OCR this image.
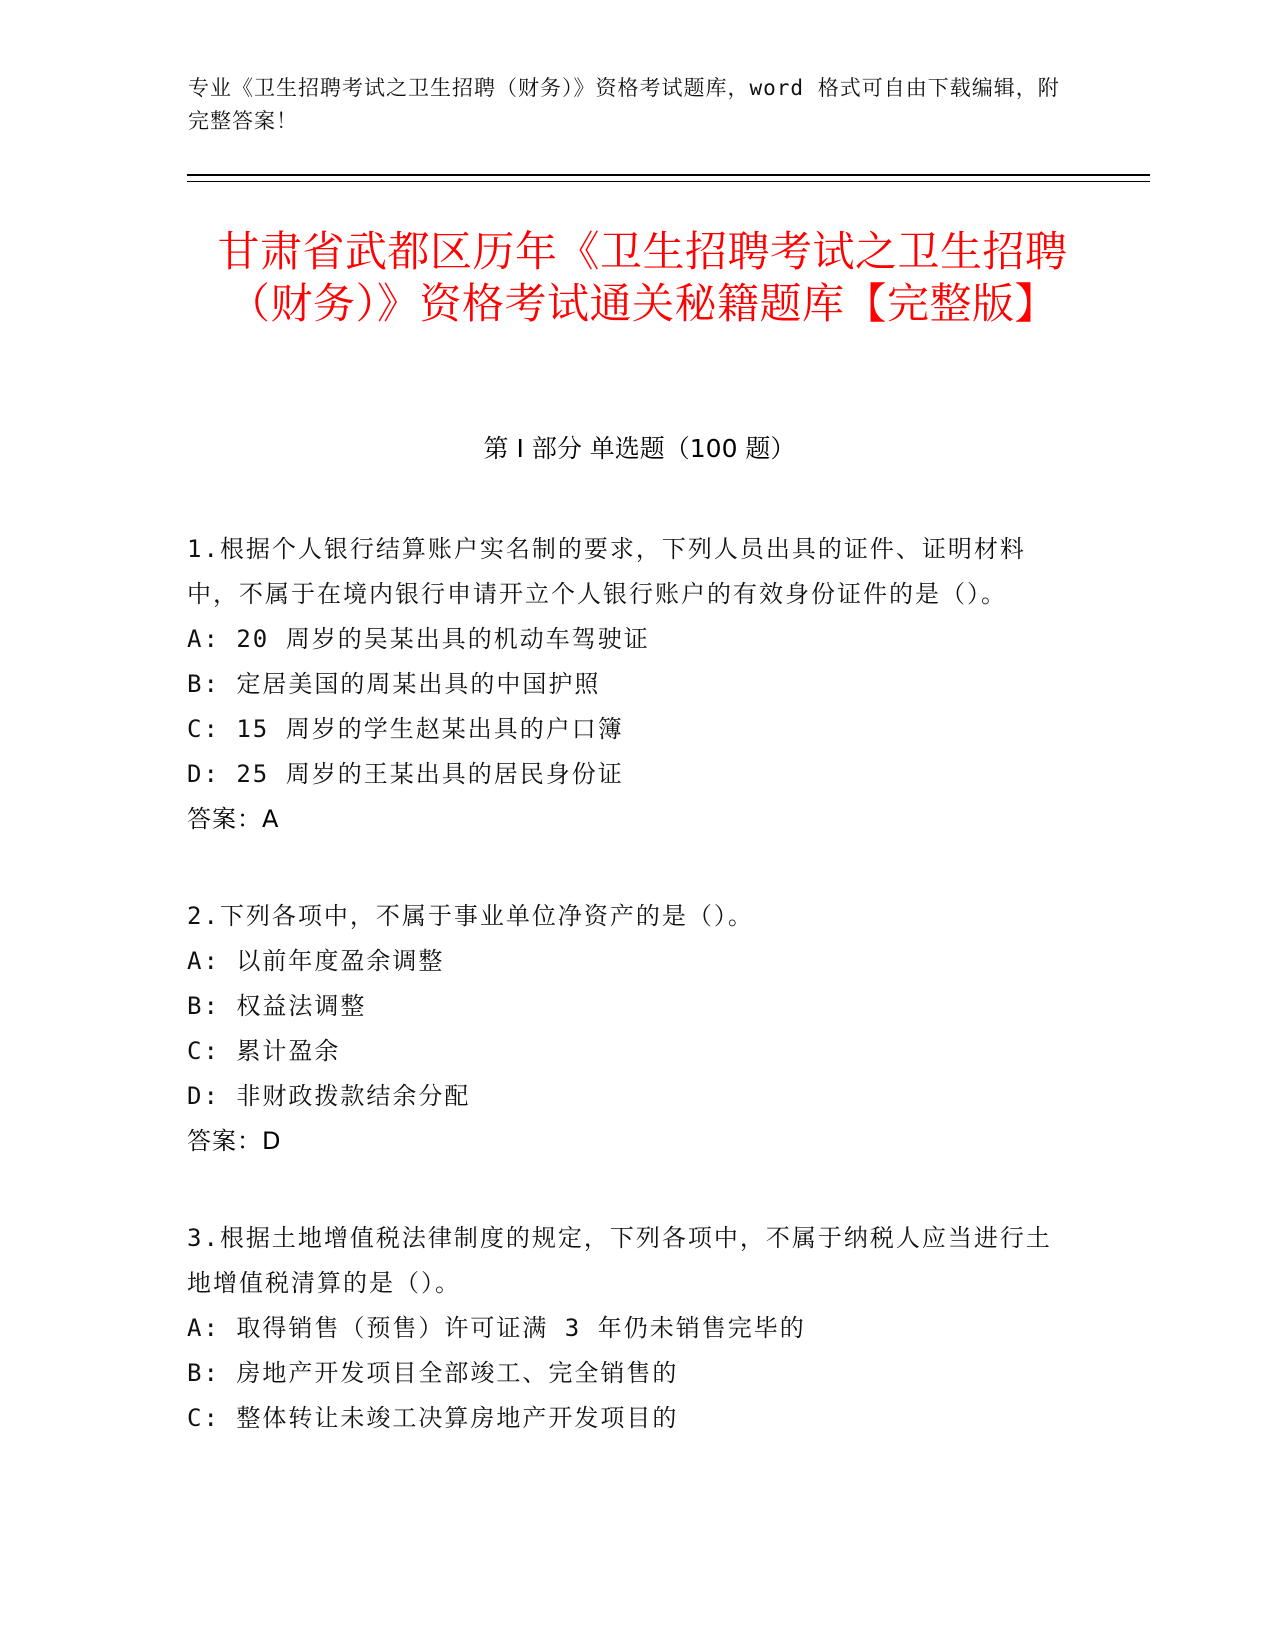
专业《卫生招聘考试之卫生招聘（财务）》资格考试题库，word 格式可自由下载编辑，附完整答案！
甘肃省武都区历年《卫生招聘考试之卫生招聘（财务）》资格考试通关秘籍题库【完整版】
第 I 部分 单选题（100 题）
1.根据个人银行结算账户实名制的要求，下列人员出具的证件、证明材料中，不属于在境内银行申请开立个人银行账户的有效身份证件的是（）。
A: 20 周岁的吴某出具的机动车驾驶证
B: 定居美国的周某出具的中国护照
C: 15 周岁的学生赵某出具的户口簿
D: 25 周岁的王某出具的居民身份证
答案：A
2.下列各项中，不属于事业单位净资产的是（）。
A: 以前年度盈余调整
B: 权益法调整
C: 累计盈余
D: 非财政拨款结余分配
答案：D
3.根据土地增值税法律制度的规定，下列各项中，不属于纳税人应当进行土地增值税清算的是（）。
A: 取得销售（预售）许可证满 3 年仍未销售完毕的
B: 房地产开发项目全部竣工、完全销售的
C: 整体转让未竣工决算房地产开发项目的
